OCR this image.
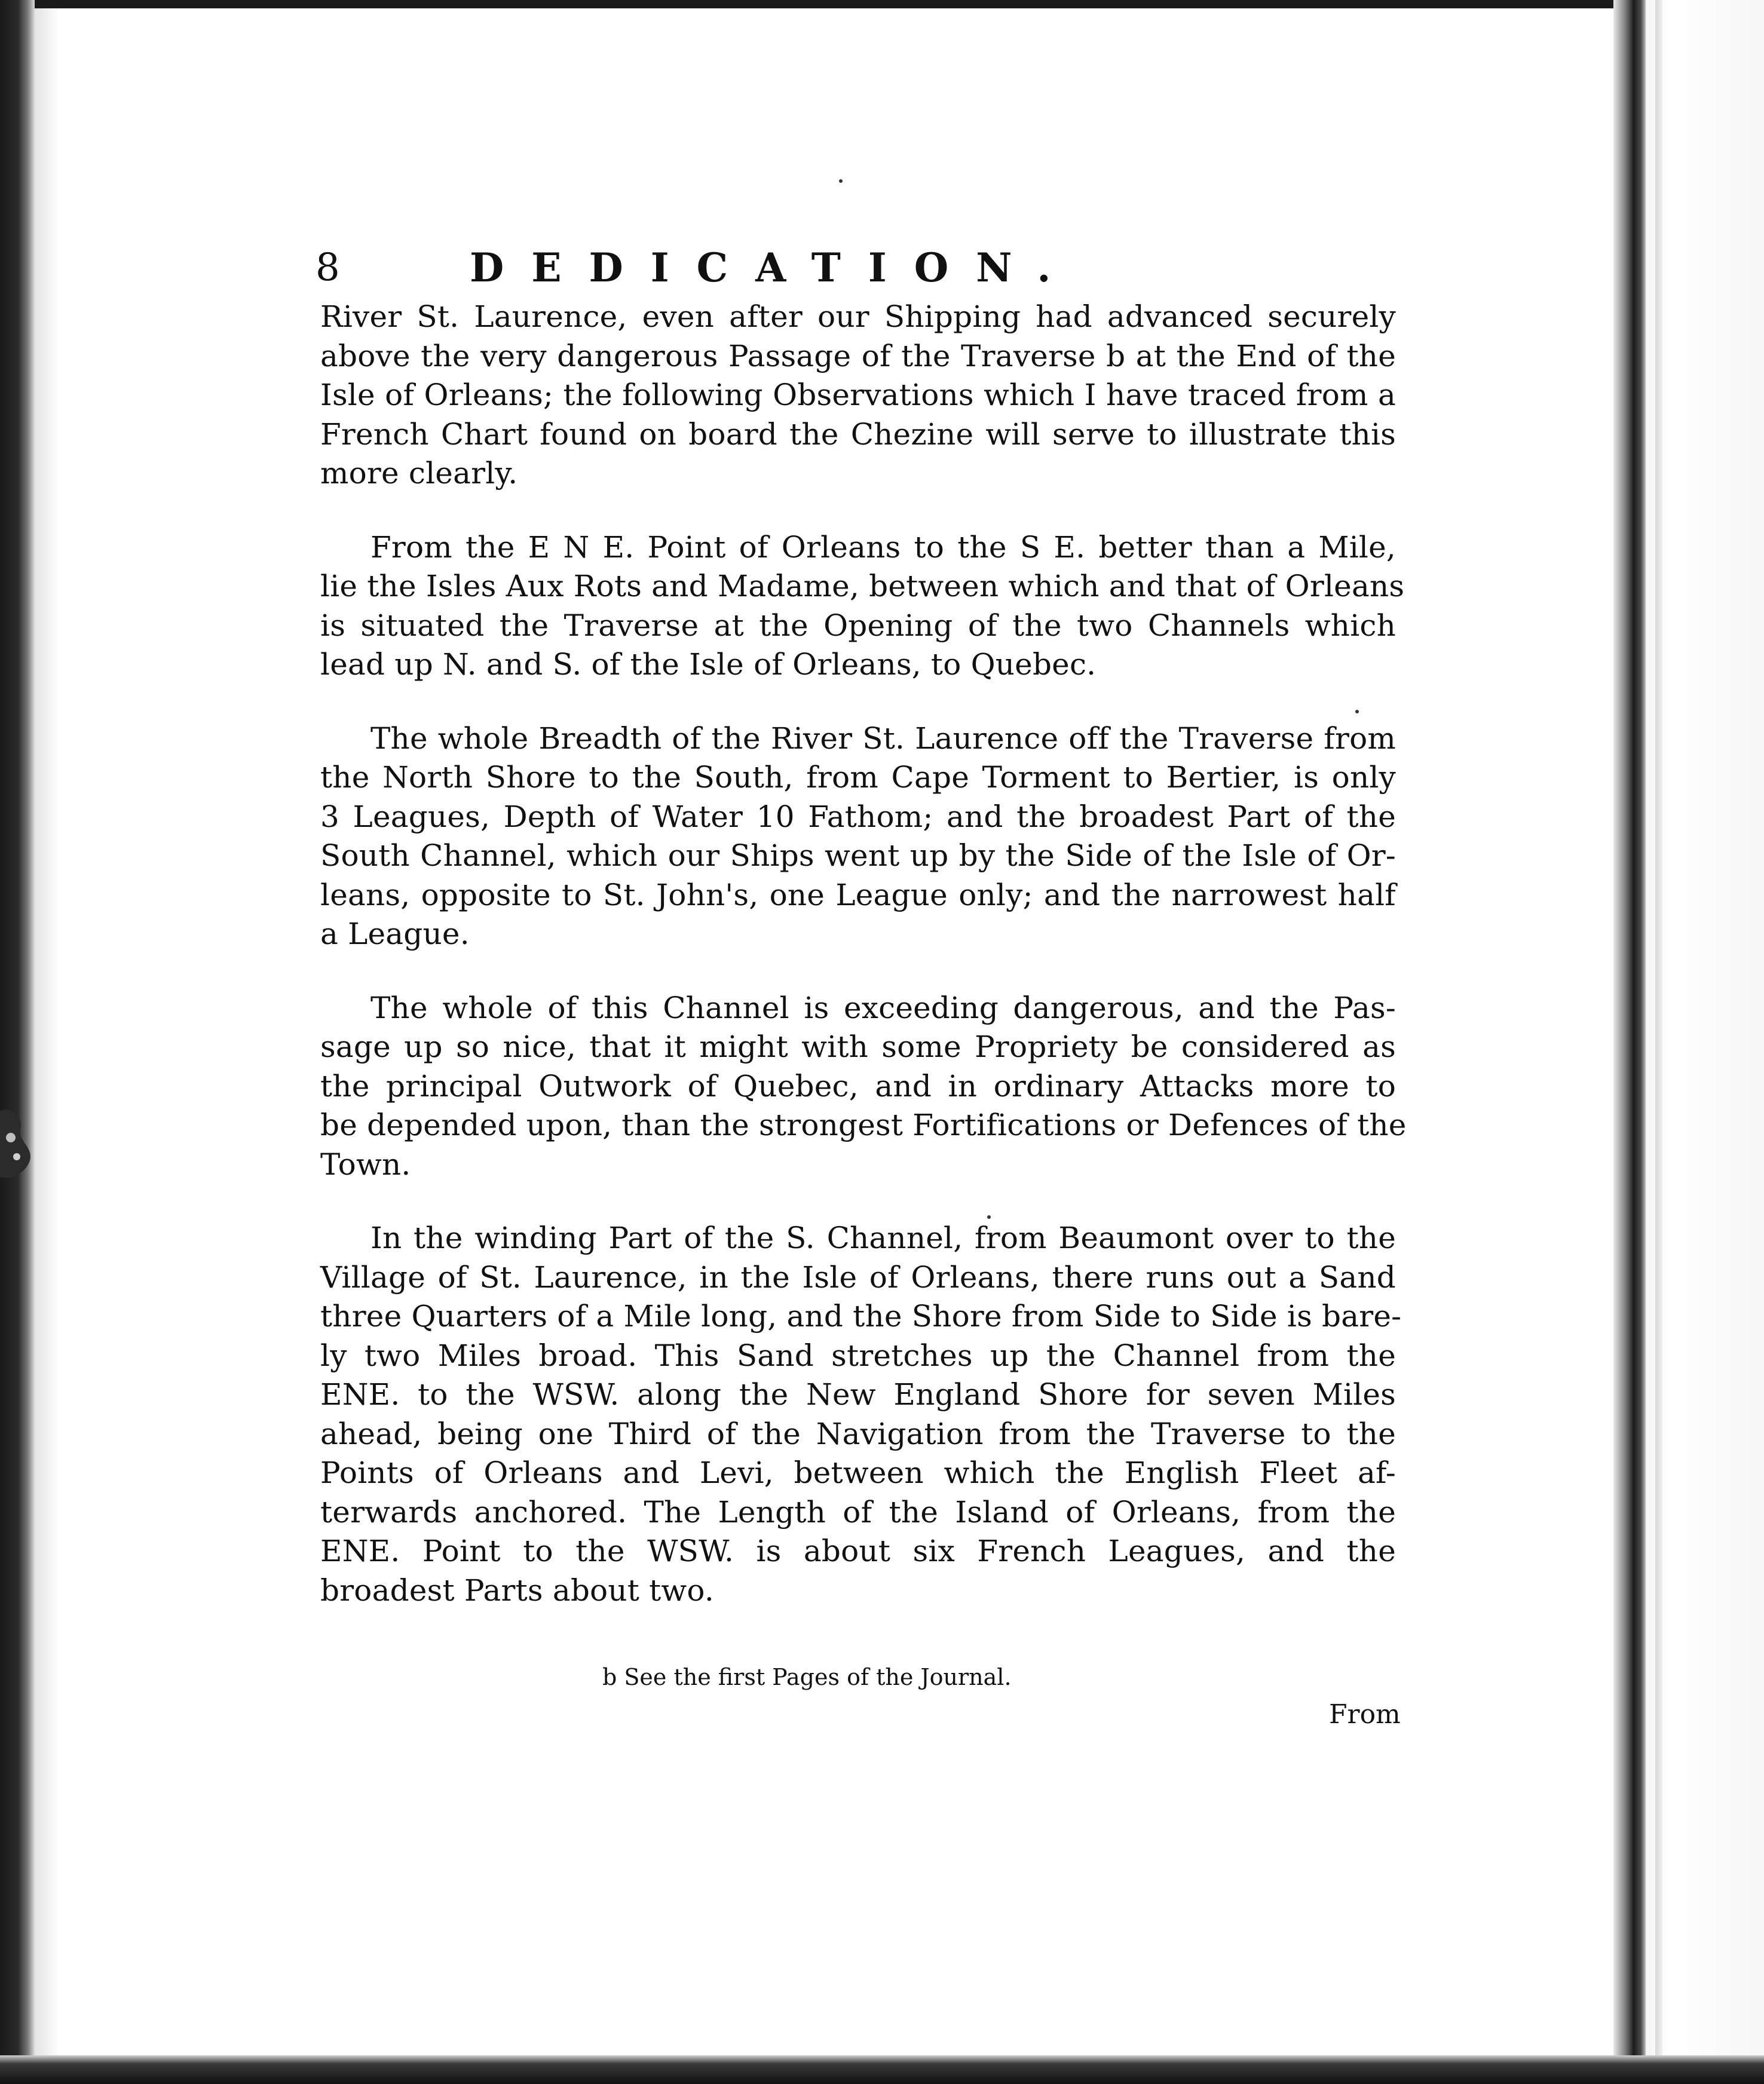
8	DEDICATION.

River St. Laurence, even after our Shipping had advanced securely
above the very dangerous Passage of the Traverse b at the End of the
Isle of Orleans; the following Observations which I have traced from a
French Chart found on board the Chezine will serve to illustrate this
more clearly.

From the E N E. Point of Orleans to the S E. better than a Mile,
lie the Isles Aux Rots and Madame, between which and that of Orleans
is situated the Traverse at the Opening of the two Channels which
lead up N. and S. of the Isle of Orleans, to Quebec.

The whole Breadth of the River St. Laurence off the Traverse from
the North Shore to the South, from Cape Torment to Bertier, is only
3 Leagues, Depth of Water 10 Fathom; and the broadest Part of the
South Channel, which our Ships went up by the Side of the Isle of Or-
leans, opposite to St. John's, one League only; and the narrowest half
a League.

The whole of this Channel is exceeding dangerous, and the Pas-
sage up so nice, that it might with some Propriety be considered as
the principal Outwork of Quebec, and in ordinary Attacks more to
be depended upon, than the strongest Fortifications or Defences of the
Town.

In the winding Part of the S. Channel, from Beaumont over to the
Village of St. Laurence, in the Isle of Orleans, there runs out a Sand
three Quarters of a Mile long, and the Shore from Side to Side is bare-
ly two Miles broad. This Sand stretches up the Channel from the
ENE. to the WSW. along the New England Shore for seven Miles
ahead, being one Third of the Navigation from the Traverse to the
Points of Orleans and Levi, between which the English Fleet af-
terwards anchored. The Length of the Island of Orleans, from the
ENE. Point to the WSW. is about six French Leagues, and the
broadest Parts about two.

b See the first Pages of the Journal.
From
